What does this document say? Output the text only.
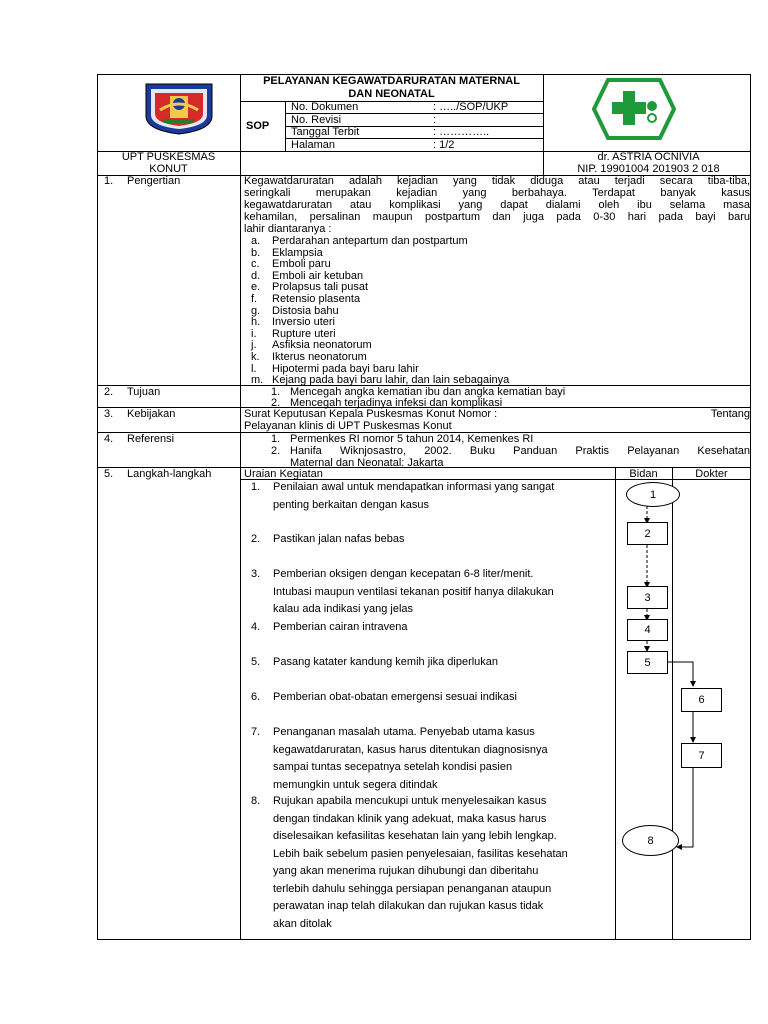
PELAYANAN KEGAWATDARURATAN MATERNAL
DAN NEONATAL
SOP
No. Dokumen	: …../SOP/UKP
No. Revisi	:
Tanggal Terbit	: …………..
Halaman	: 1/2
UPT PUSKESMAS
KONUT
dr. ASTRIA OCNIVIA
NIP. 19901004 201903 2 018
1. Pengertian	Kegawatdaruratan adalah kejadian yang tidak diduga atau terjadi secara tiba-tiba,
seringkali merupakan kejadian yang berbahaya. Terdapat banyak kasus
kegawatdaruratan atau komplikasi yang dapat dialami oleh ibu selama masa
kehamilan, persalinan maupun postpartum dan juga pada 0-30 hari pada bayi baru
lahir diantaranya :
a. Perdarahan antepartum dan postpartum
b. Eklampsia
c. Emboli paru
d. Emboli air ketuban
e. Prolapsus tali pusat
f. Retensio plasenta
g. Distosia bahu
h. Inversio uteri
i. Rupture uteri
j. Asfiksia neonatorum
k. Ikterus neonatorum
l. Hipotermi pada bayi baru lahir
m. Kejang pada bayi baru lahir, dan lain sebagainya
2. Tujuan	1. Mencegah angka kematian ibu dan angka kematian bayi
2. Mencegah terjadinya infeksi dan komplikasi
3. Kebijakan	Surat Keputusan Kepala Puskesmas Konut Nomor :	Tentang
Pelayanan klinis di UPT Puskesmas Konut
4. Referensi	1. Permenkes RI nomor 5 tahun 2014, Kemenkes RI
2. Hanifa Wiknjosastro, 2002. Buku Panduan Praktis Pelayanan Kesehatan
Maternal dan Neonatal: Jakarta
5. Langkah-langkah	Uraian Kegiatan	Bidan	Dokter
1. Penilaian awal untuk mendapatkan informasi yang sangat
penting berkaitan dengan kasus
2. Pastikan jalan nafas bebas
3. Pemberian oksigen dengan kecepatan 6-8 liter/menit.
Intubasi maupun ventilasi tekanan positif hanya dilakukan
kalau ada indikasi yang jelas
4. Pemberian cairan intravena
5. Pasang katater kandung kemih jika diperlukan
6. Pemberian obat-obatan emergensi sesuai indikasi
7. Penanganan masalah utama. Penyebab utama kasus
kegawatdaruratan, kasus harus ditentukan diagnosisnya
sampai tuntas secepatnya setelah kondisi pasien
memungkin untuk segera ditindak
8. Rujukan apabila mencukupi untuk menyelesaikan kasus
dengan tindakan klinik yang adekuat, maka kasus harus
diselesaikan kefasilitas kesehatan lain yang lebih lengkap.
Lebih baik sebelum pasien penyelesaian, fasilitas kesehatan
yang akan menerima rujukan dihubungi dan diberitahu
terlebih dahulu sehingga persiapan penanganan ataupun
perawatan inap telah dilakukan dan rujukan kasus tidak
akan ditolak
1
2
3
4
5
6
7
8
